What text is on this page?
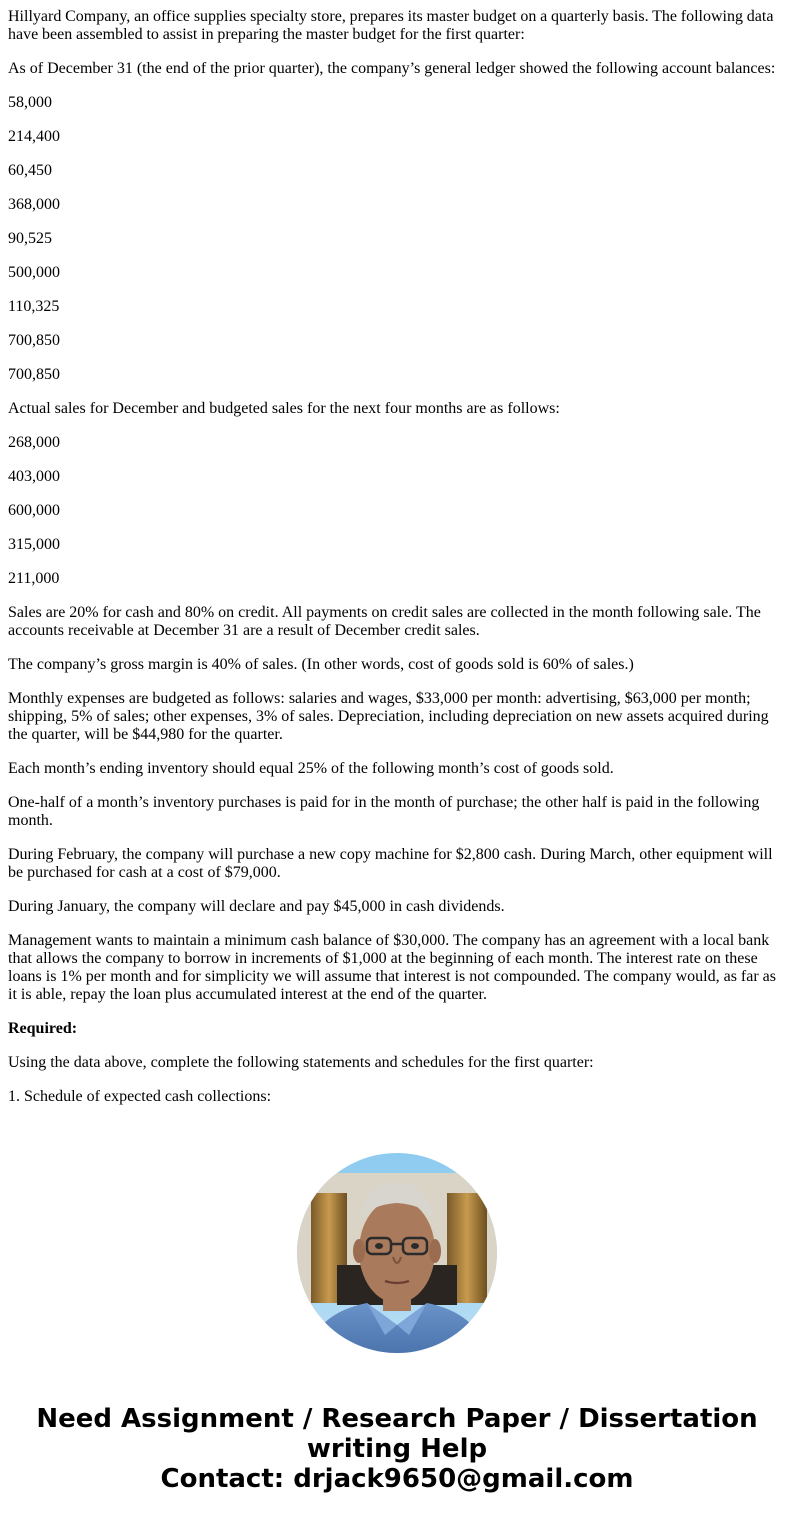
Hillyard Company, an office supplies specialty store, prepares its master budget on a quarterly basis. The following data have been assembled to assist in preparing the master budget for the first quarter:

As of December 31 (the end of the prior quarter), the company’s general ledger showed the following account balances:

58,000

214,400

60,450

368,000

90,525

500,000

110,325

700,850

700,850

Actual sales for December and budgeted sales for the next four months are as follows:

268,000

403,000

600,000

315,000

211,000

Sales are 20% for cash and 80% on credit. All payments on credit sales are collected in the month following sale. The accounts receivable at December 31 are a result of December credit sales.

The company’s gross margin is 40% of sales. (In other words, cost of goods sold is 60% of sales.)

Monthly expenses are budgeted as follows: salaries and wages, $33,000 per month: advertising, $63,000 per month; shipping, 5% of sales; other expenses, 3% of sales. Depreciation, including depreciation on new assets acquired during the quarter, will be $44,980 for the quarter.

Each month’s ending inventory should equal 25% of the following month’s cost of goods sold.

One-half of a month’s inventory purchases is paid for in the month of purchase; the other half is paid in the following month.

During February, the company will purchase a new copy machine for $2,800 cash. During March, other equipment will be purchased for cash at a cost of $79,000.

During January, the company will declare and pay $45,000 in cash dividends.

Management wants to maintain a minimum cash balance of $30,000. The company has an agreement with a local bank that allows the company to borrow in increments of $1,000 at the beginning of each month. The interest rate on these loans is 1% per month and for simplicity we will assume that interest is not compounded. The company would, as far as it is able, repay the loan plus accumulated interest at the end of the quarter.

Required:

Using the data above, complete the following statements and schedules for the first quarter:

1. Schedule of expected cash collections:

Need Assignment / Research Paper / Dissertation
writing Help
Contact: drjack9650@gmail.com
